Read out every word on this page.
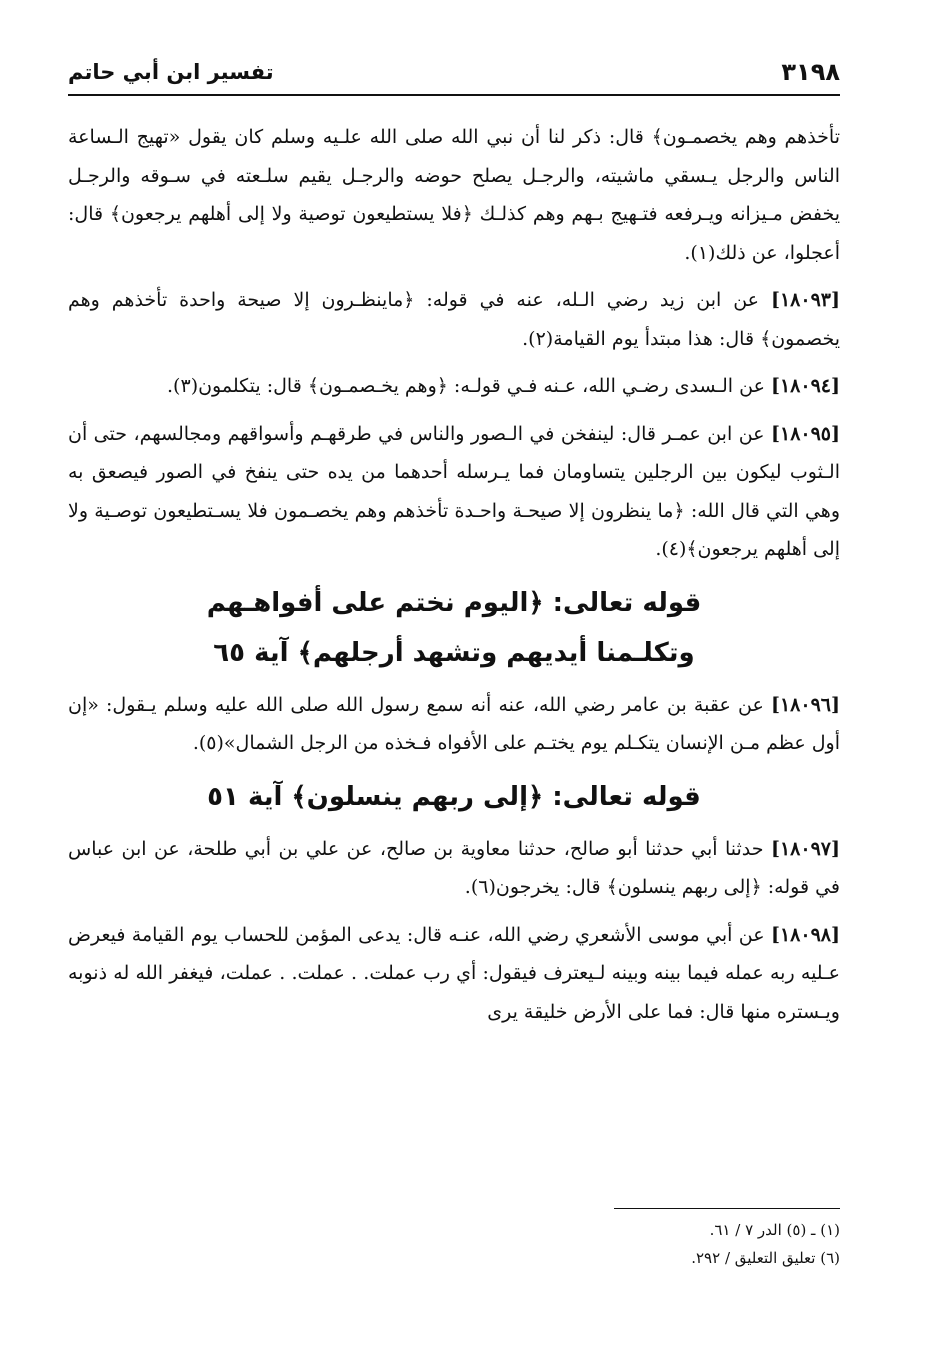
٣١٩٨
تفسير ابن أبي حاتم

تأخذهم وهم يخصمـون﴾ قال: ذكر لنا أن نبي الله صلى الله علـيه وسلم كان يقول «تهيج الـساعة الناس والرجل يـسقي ماشيته، والرجـل يصلح حوضه والرجـل يقيم سلـعته في سـوقه والرجـل يخفض مـيزانه ويـرفعه فتـهيج بـهم وهم كذلـك ﴿فلا يستطيعون توصية ولا إلى أهلهم يرجعون﴾ قال: أعجلوا، عن ذلك(١).

[١٨٠٩٣] عن ابن زيد رضي الـله، عنه في قوله: ﴿ماينظـرون إلا صيحة واحدة تأخذهم وهم يخصمون﴾ قال: هذا مبتدأ يوم القيامة(٢).

[١٨٠٩٤] عن الـسدى رضـي الله، عـنه فـي قولـه: ﴿وهم يخـصمـون﴾ قال: يتكلمون(٣).

[١٨٠٩٥] عن ابن عمـر قال: لينفخن في الـصور والناس في طرقهـم وأسواقهم ومجالسهم، حتى أن الـثوب ليكون بين الرجلين يتساومان فما يـرسله أحدهما من يده حتى ينفخ في الصور فيصعق به وهي التي قال الله: ﴿ما ينظرون إلا صيحـة واحـدة تأخذهم وهم يخصـمون فلا يسـتطيعون توصـية ولا إلى أهلهم يرجعون﴾(٤).

قوله تعالى: ﴿اليوم نختم على أفواهـهم
وتكلـمنا أيديهم وتشهد أرجلهم﴾ آية ٦٥

[١٨٠٩٦] عن عقبة بن عامر رضي الله، عنه أنه سمع رسول الله صلى الله عليه وسلم يـقول: «إن أول عظم مـن الإنسان يتكـلم يوم يختـم على الأفواه فـخذه من الرجل الشمال»(٥).

قوله تعالى: ﴿إلى ربهم ينسلون﴾ آية ٥١

[١٨٠٩٧] حدثنا أبي حدثنا أبو صالح، حدثنا معاوية بن صالح، عن علي بن أبي طلحة، عن ابن عباس في قوله: ﴿إلى ربهم ينسلون﴾ قال: يخرجون(٦).

[١٨٠٩٨] عن أبي موسى الأشعري رضي الله، عنـه قال: يدعى المؤمن للحساب يوم القيامة فيعرض عـليه ربه عمله فيما بينه وبينه لـيعترف فيقول: أي رب عملت. . عملت. . عملت، فيغفر الله له ذنوبه ويـستره منها قال: فما على الأرض خليقة يرى

(١) ـ (٥) الدر ٧ / ٦١.

(٦) تعليق التعليق / ٢٩٢.
